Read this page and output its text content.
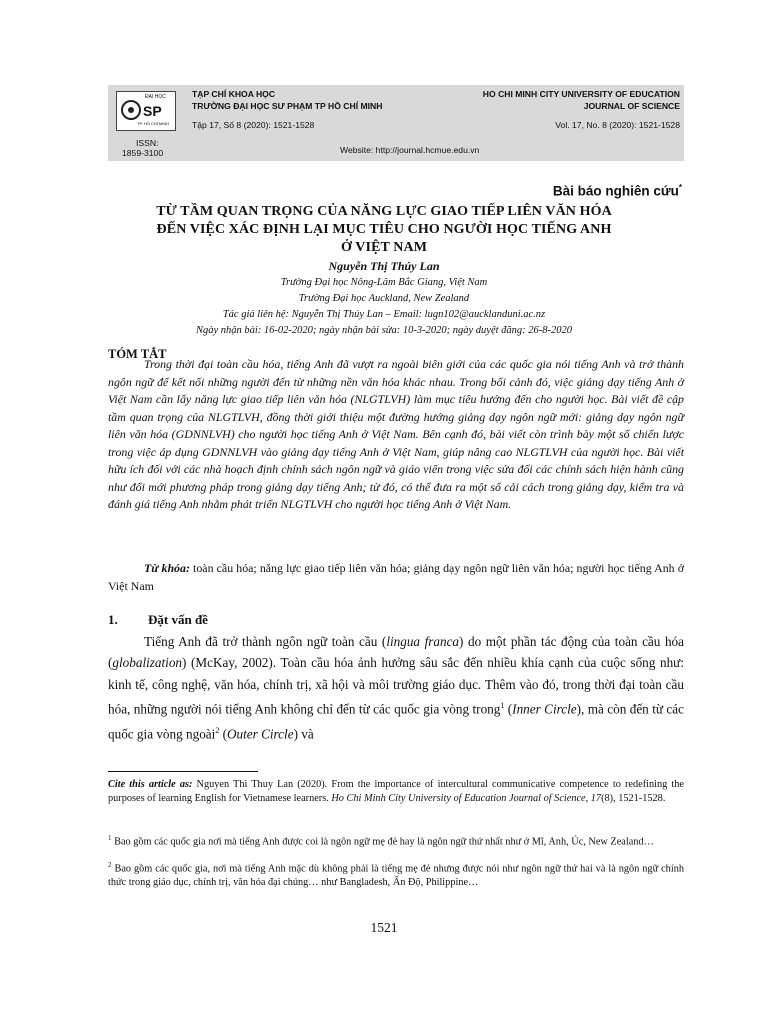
ĐẠI HỌC
SP
TP. HỒ CHÍ MINH
TẠP CHÍ KHOA HỌC
TRƯỜNG ĐẠI HỌC SƯ PHẠM TP HỒ CHÍ MINH
HO CHI MINH CITY UNIVERSITY OF EDUCATION
JOURNAL OF SCIENCE
Tập 17, Số 8 (2020): 1521-1528	Vol. 17, No. 8 (2020): 1521-1528
ISSN:
1859-3100	Website: http://journal.hcmue.edu.vn
Bài báo nghiên cứu*
TỪ TẦM QUAN TRỌNG CỦA NĂNG LỰC GIAO TIẾP LIÊN VĂN HÓA
ĐẾN VIỆC XÁC ĐỊNH LẠI MỤC TIÊU CHO NGƯỜI HỌC TIẾNG ANH
Ở VIỆT NAM
Nguyễn Thị Thúy Lan
Trường Đại học Nông-Lâm Bắc Giang, Việt Nam
Trường Đại học Auckland, New Zealand
Tác giả liên hệ: Nguyễn Thị Thúy Lan – Email: lugn102@aucklanduni.ac.nz
Ngày nhận bài: 16-02-2020; ngày nhận bài sửa: 10-3-2020; ngày duyệt đăng: 26-8-2020
TÓM TẮT

Trong thời đại toàn cầu hóa, tiếng Anh đã vượt ra ngoài biên giới của các quốc gia nói tiếng Anh và trở thành ngôn ngữ để kết nối những người đến từ những nền văn hóa khác nhau. Trong bối cảnh đó, việc giảng dạy tiếng Anh ở Việt Nam cần lấy năng lực giao tiếp liên văn hóa (NLGTLVH) làm mục tiêu hướng đến cho người học. Bài viết đề cập tầm quan trọng của NLGTLVH, đồng thời giới thiệu một đường hướng giảng dạy ngôn ngữ mới: giảng dạy ngôn ngữ liên văn hóa (GDNNLVH) cho người học tiếng Anh ở Việt Nam. Bên cạnh đó, bài viết còn trình bày một số chiến lược trong việc áp dụng GDNNLVH vào giảng dạy tiếng Anh ở Việt Nam, giúp nâng cao NLGTLVH của người học. Bài viết hữu ích đối với các nhà hoạch định chính sách ngôn ngữ và giáo viên trong việc sửa đổi các chính sách hiện hành cũng như đổi mới phương pháp trong giảng dạy tiếng Anh; từ đó, có thể đưa ra một số cải cách trong giảng dạy, kiểm tra và đánh giá tiếng Anh nhằm phát triển NLGTLVH cho người học tiếng Anh ở Việt Nam.

Từ khóa: toàn cầu hóa; năng lực giao tiếp liên văn hóa; giảng dạy ngôn ngữ liên văn hóa; người học tiếng Anh ở Việt Nam

1. Đặt vấn đề

Tiếng Anh đã trở thành ngôn ngữ toàn cầu (lingua franca) do một phần tác động của toàn cầu hóa (globalization) (McKay, 2002). Toàn cầu hóa ảnh hưởng sâu sắc đến nhiều khía cạnh của cuộc sống như: kinh tế, công nghệ, văn hóa, chính trị, xã hội và môi trường giáo dục. Thêm vào đó, trong thời đại toàn cầu hóa, những người nói tiếng Anh không chỉ đến từ các quốc gia vòng trong$^1$ (Inner Circle), mà còn đến từ các quốc gia vòng ngoài$^2$ (Outer Circle) và

Cite this article as: Nguyen Thi Thuy Lan (2020). From the importance of intercultural communicative competence to redefining the purposes of learning English for Vietnamese learners. Ho Chi Minh City University of Education Journal of Science, 17(8), 1521-1528.

$^1$ Bao gồm các quốc gia nơi mà tiếng Anh được coi là ngôn ngữ mẹ đẻ hay là ngôn ngữ thứ nhất như ở Mĩ, Anh, Úc, New Zealand…

$^2$ Bao gồm các quốc gia, nơi mà tiếng Anh mặc dù không phải là tiếng mẹ đẻ nhưng được nói như ngôn ngữ thứ hai và là ngôn ngữ chính thức trong giáo dục, chính trị, văn hóa đại chúng… như Bangladesh, Ấn Độ, Philippine…

1521
